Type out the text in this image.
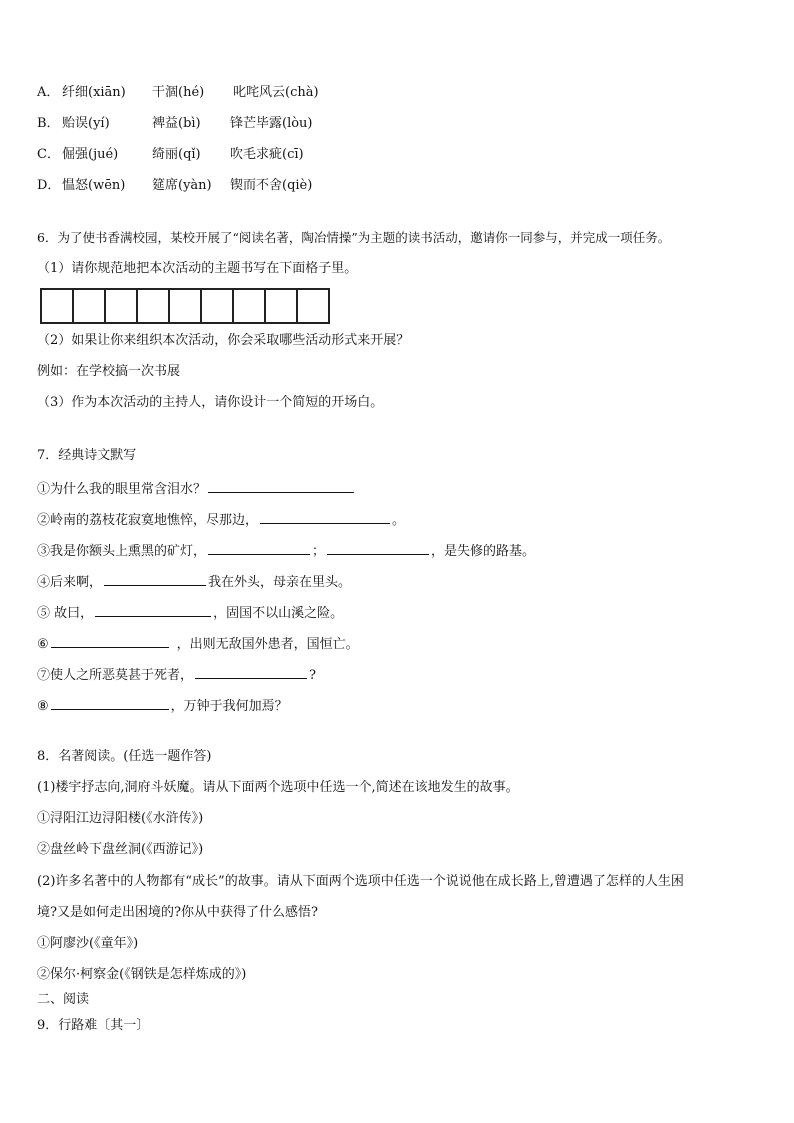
A． 纤细(xiān) 干涸(hé) 叱咤风云(chà)
B． 贻误(yí)	裨益(bì) 锋芒毕露(lòu)
C． 倔强(jué)	绮丽(qǐ) 吹毛求疵(cī)
D． 愠怒(wēn) 筵席(yàn) 锲而不舍(qiè)
6．为了使书香满校园，某校开展了“阅读名著，陶冶情操”为主题的读书活动，邀请你一同参与，并完成一项任务。
（1）请你规范地把本次活动的主题书写在下面格子里。
（2）如果让你来组织本次活动，你会采取哪些活动形式来开展？
例如：在学校搞一次书展
（3）作为本次活动的主持人，请你设计一个简短的开场白。
7．经典诗文默写
①为什么我的眼里常含泪水？
②岭南的荔枝花寂寞地憔悴，尽那边，	。
③我是你额头上熏黑的矿灯，	；	，是失修的路基。
④后来啊，	我在外头，母亲在里头。
⑤ 故曰，	，固国不以山溪之险。
⑥	，出则无敌国外患者，国恒亡。
⑦使人之所恶莫甚于死者，	?
⑧	，万钟于我何加焉？
8．名著阅读。(任选一题作答)
(1)楼宇抒志向,洞府斗妖魔。请从下面两个选项中任选一个,简述在该地发生的故事。
①浔阳江边浔阳楼(《水浒传》)
②盘丝岭下盘丝洞(《西游记》)
(2)许多名著中的人物都有“成长”的故事。请从下面两个选项中任选一个说说他在成长路上,曾遭遇了怎样的人生困
境?又是如何走出困境的?你从中获得了什么感悟?
①阿廖沙(《童年》)
②保尔·柯察金(《钢铁是怎样炼成的》)
二、阅读
9．行路难〔其一〕
